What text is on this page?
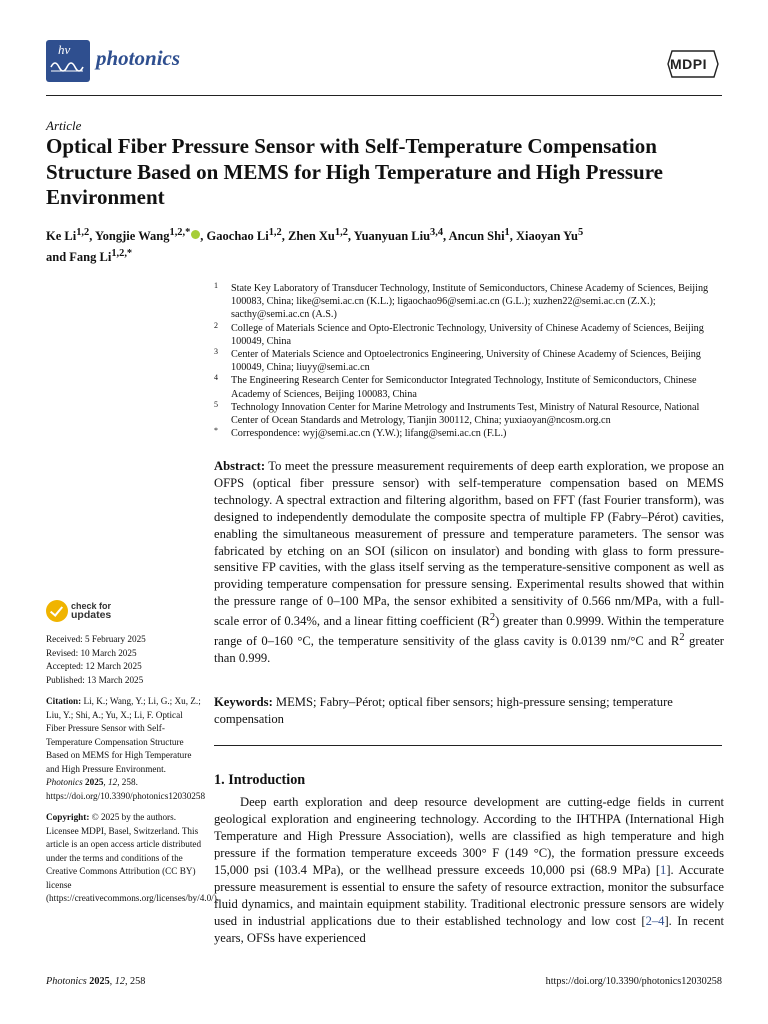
hv photonics	MDPI
Article
Optical Fiber Pressure Sensor with Self-Temperature Compensation Structure Based on MEMS for High Temperature and High Pressure Environment
Ke Li$^{1,2}$, Yongjie Wang$^{1,2,*}$ , Gaochao Li$^{1,2}$, Zhen Xu$^{1,2}$, Yuanyuan Liu$^{3,4}$, Ancun Shi$^1$, Xiaoyan Yu$^5$
and Fang $Li^{1,2,*}$
1 State Key Laboratory of Transducer Technology, Institute of Semiconductors, Chinese Academy of Sciences, Beijing 100083, China; like@semi.ac.cn (K.L.); ligaochao96@semi.ac.cn (G.L.); xuzhen22@semi.ac.cn (Z.X.); sacthy@semi.ac.cn (A.S.)
2 College of Materials Science and Opto-Electronic Technology, University of Chinese Academy of Sciences, Beijing 100049, China
3 Center of Materials Science and Optoelectronics Engineering, University of Chinese Academy of Sciences, Beijing 100049, China; liuyy@semi.ac.cn
4 The Engineering Research Center for Semiconductor Integrated Technology, Institute of Semiconductors, Chinese Academy of Sciences, Beijing 100083, China
5 Technology Innovation Center for Marine Metrology and Instruments Test, Ministry of Natural Resource, National Center of Ocean Standards and Metrology, Tianjin 300112, China; yuxiaoyan@ncosm.org.cn
* Correspondence: wyj@semi.ac.cn (Y.W.); lifang@semi.ac.cn (F.L.)
Abstract: To meet the pressure measurement requirements of deep earth exploration, we propose an OFPS (optical fiber pressure sensor) with self-temperature compensation based on MEMS technology. A spectral extraction and filtering algorithm, based on FFT (fast Fourier transform), was designed to independently demodulate the composite spectra of multiple FP (Fabry–Pérot) cavities, enabling the simultaneous measurement of pressure and temperature parameters. The sensor was fabricated by etching on an SOI (silicon on insulator) and bonding with glass to form pressure-sensitive FP cavities, with the glass itself serving as the temperature-sensitive component as well as providing temperature compensation for pressure sensing. Experimental results showed that within the pressure range of 0–100 MPa, the sensor exhibited a sensitivity of 0.566 nm/MPa, with a full-scale error of 0.34%, and a linear fitting coefficient $(R^2)$ greater than 0.9999. Within the temperature range of 0–160 °C, the temperature sensitivity of the glass cavity is 0.0139 nm/°C and $R^2$ greater than 0.999.
Keywords: MEMS; Fabry–Pérot; optical fiber sensors; high-pressure sensing; temperature compensation
check for
updates
Received: 5 February 2025
Revised: 10 March 2025
Accepted: 12 March 2025
Published: 13 March 2025
Citation: Li, K.; Wang, Y.; Li, G.; Xu, Z.; Liu, Y.; Shi, A.; Yu, X.; Li, F. Optical Fiber Pressure Sensor with Self-Temperature Compensation Structure Based on MEMS for High Temperature and High Pressure Environment. Photonics 2025, 12, 258. https://doi.org/10.3390/photonics12030258
Copyright: © 2025 by the authors. Licensee MDPI, Basel, Switzerland. This article is an open access article distributed under the terms and conditions of the Creative Commons Attribution (CC BY) license (https://creativecommons.org/licenses/by/4.0/).
1. Introduction
Deep earth exploration and deep resource development are cutting-edge fields in current geological exploration and engineering technology. According to the IHTHPA (International High Temperature and High Pressure Association), wells are classified as high temperature and high pressure if the formation temperature exceeds 300° F (149 °C), the formation pressure exceeds 15,000 psi (103.4 MPa), or the wellhead pressure exceeds 10,000 psi (68.9 MPa) [1]. Accurate pressure measurement is essential to ensure the safety of resource extraction, monitor the subsurface fluid dynamics, and maintain equipment stability. Traditional electronic pressure sensors are widely used in industrial applications due to their established technology and low cost [2–4]. In recent years, OFSs have experienced
Photonics 2025, 12, 258	https://doi.org/10.3390/photonics12030258
